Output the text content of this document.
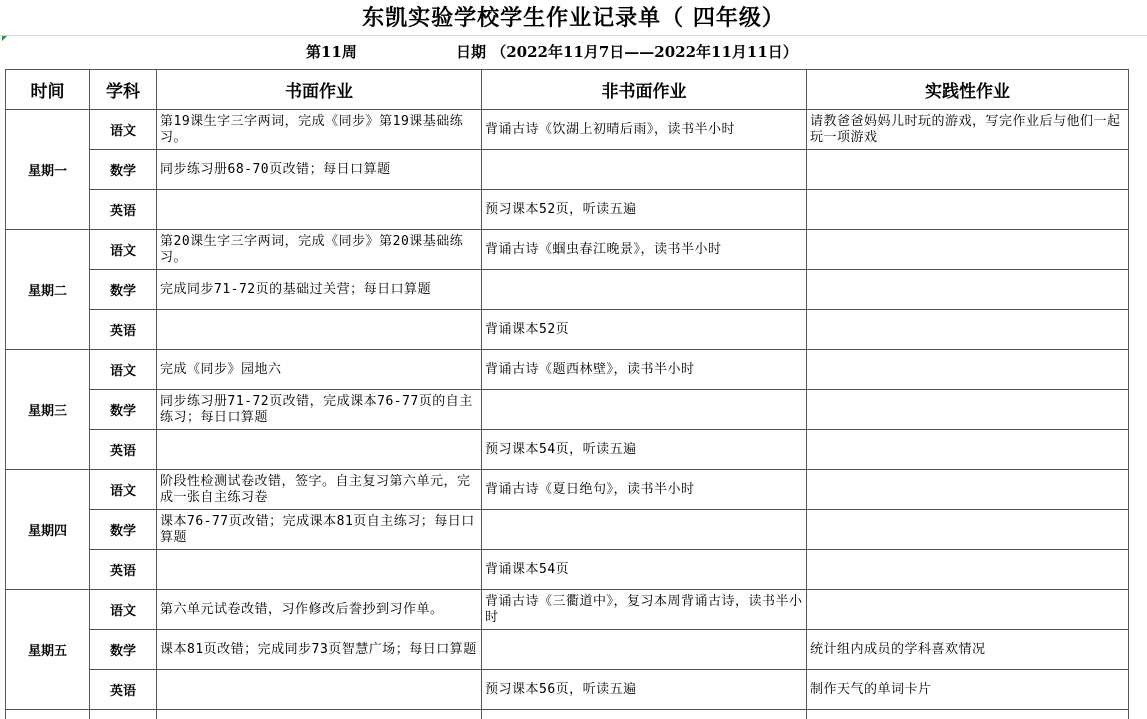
东凯实验学校学生作业记录单（ 四年级）
第11周	日期 （2022年11月7日——2022年11月11日）
时间	学科	书面作业	非书面作业	实践性作业
星期一	语文	第19课生字三字两词，完成《同步》第19课基础练习。	背诵古诗《饮湖上初晴后雨》，读书半小时	请教爸爸妈妈儿时玩的游戏，写完作业后与他们一起玩一项游戏

	数学	同步练习册68-70页改错；每日口算题		

	英语		预习课本52页，听读五遍	

星期二	语文	第20课生字三字两词，完成《同步》第20课基础练习。	背诵古诗《蝈虫春江晚景》，读书半小时	

	数学	完成同步71-72页的基础过关营；每日口算题		

	英语		背诵课本52页	

星期三	语文	完成《同步》园地六	背诵古诗《题西林壁》，读书半小时	

	数学	同步练习册71-72页改错，完成课本76-77页的自主练习；每日口算题		

	英语		预习课本54页，听读五遍	

星期四	语文	阶段性检测试卷改错，签字。自主复习第六单元，完成一张自主练习卷	背诵古诗《夏日绝句》，读书半小时	

	数学	课本76-77页改错；完成课本81页自主练习；每日口算题		

	英语		背诵课本54页	

星期五	语文	第六单元试卷改错，习作修改后誊抄到习作单。	背诵古诗《三衢道中》，复习本周背诵古诗，读书半小时	

	数学	课本81页改错；完成同步73页智慧广场；每日口算题		统计组内成员的学科喜欢情况

	英语		预习课本56页，听读五遍	制作天气的单词卡片
